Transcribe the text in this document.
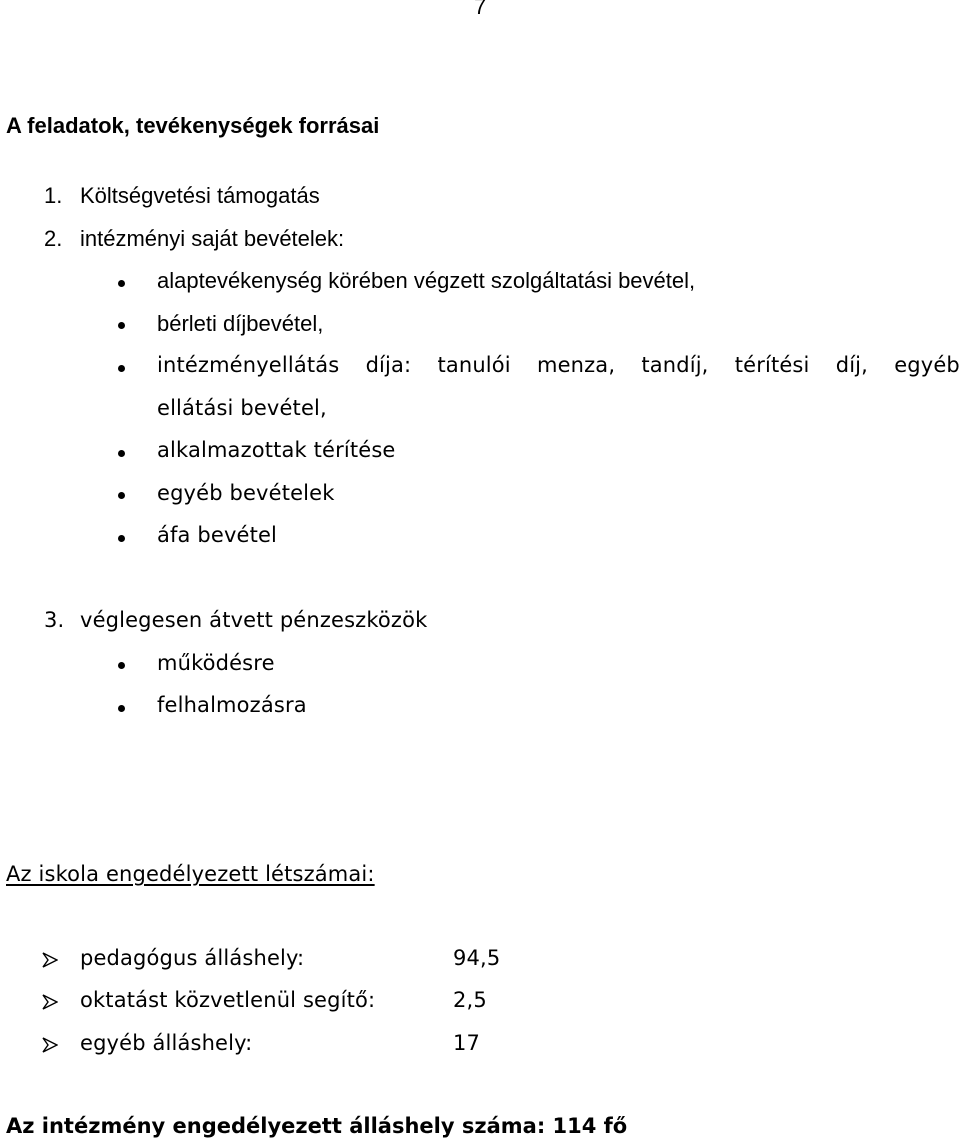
7
A feladatok, tevékenységek forrásai
1. Költségvetési támogatás
2. intézményi saját bevételek:
alaptevékenység körében végzett szolgáltatási bevétel,
bérleti díjbevétel,
intézményellátás díja: tanulói menza, tandíj, térítési díj, egyéb
ellátási bevétel,
alkalmazottak térítése
egyéb bevételek
áfa bevétel
3. véglegesen átvett pénzeszközök
működésre
felhalmozásra
Az iskola engedélyezett létszámai:
pedagógus álláshely:	94,5
oktatást közvetlenül segítő:	2,5
egyéb álláshely:	17
Az intézmény engedélyezett álláshely száma: 114 fő
